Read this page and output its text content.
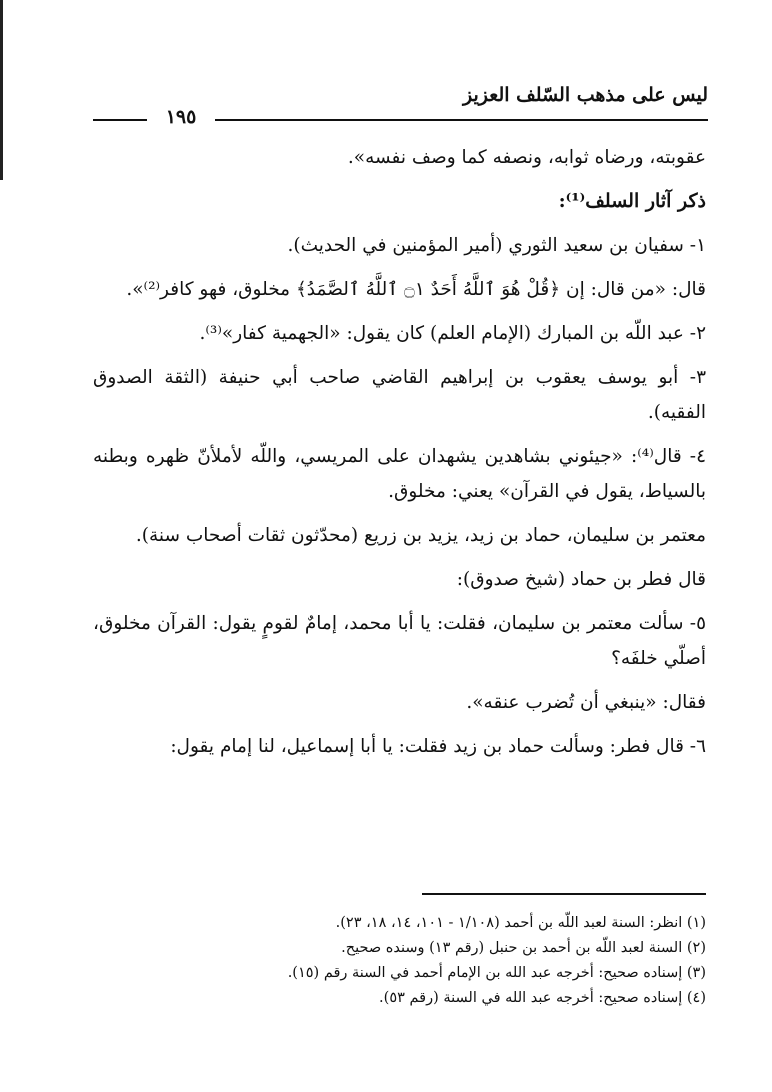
ليس على مذهب السّلف العزيز
١٩٥

عقوبته، ورضاه ثوابه، ونصفه كما وصف نفسه».

ذكر آثار السلف⁽¹⁾:

١- سفيان بن سعيد الثوري (أمير المؤمنين في الحديث).

قال: «من قال: إن ﴿قُلْ هُوَ ٱللَّهُ أَحَدٌ ۝١ ٱللَّهُ ٱلصَّمَدُ﴾ مخلوق، فهو كافر⁽²⁾».

٢- عبد اللّه بن المبارك (الإمام العلم) كان يقول: «الجهمية كفار»⁽³⁾.

٣- أبو يوسف يعقوب بن إبراهيم القاضي صاحب أبي حنيفة (الثقة الصدوق الفقيه).

٤- قال⁽⁴⁾: «جيئوني بشاهدين يشهدان على المريسي، واللّه لأملأنّ ظهره وبطنه بالسياط، يقول في القرآن» يعني: مخلوق.

معتمر بن سليمان، حماد بن زيد، يزيد بن زريع (محدّثون ثقات أصحاب سنة).

قال فطر بن حماد (شيخ صدوق):

٥- سألت معتمر بن سليمان، فقلت: يا أبا محمد، إمامٌ لقومٍ يقول: القرآن مخلوق، أصلّي خلفَه؟

فقال: «ينبغي أن تُضرب عنقه».

٦- قال فطر: وسألت حماد بن زيد فقلت: يا أبا إسماعيل، لنا إمام يقول:

(١) انظر: السنة لعبد اللّه بن أحمد (١/١٠٨ - ١٠١، ١٤، ١٨، ٢٣).

(٢) السنة لعبد اللّه بن أحمد بن حنبل (رقم ١٣) وسنده صحيح.

(٣) إسناده صحيح: أخرجه عبد الله بن الإمام أحمد في السنة رقم (١٥).

(٤) إسناده صحيح: أخرجه عبد الله في السنة (رقم ٥٣).
